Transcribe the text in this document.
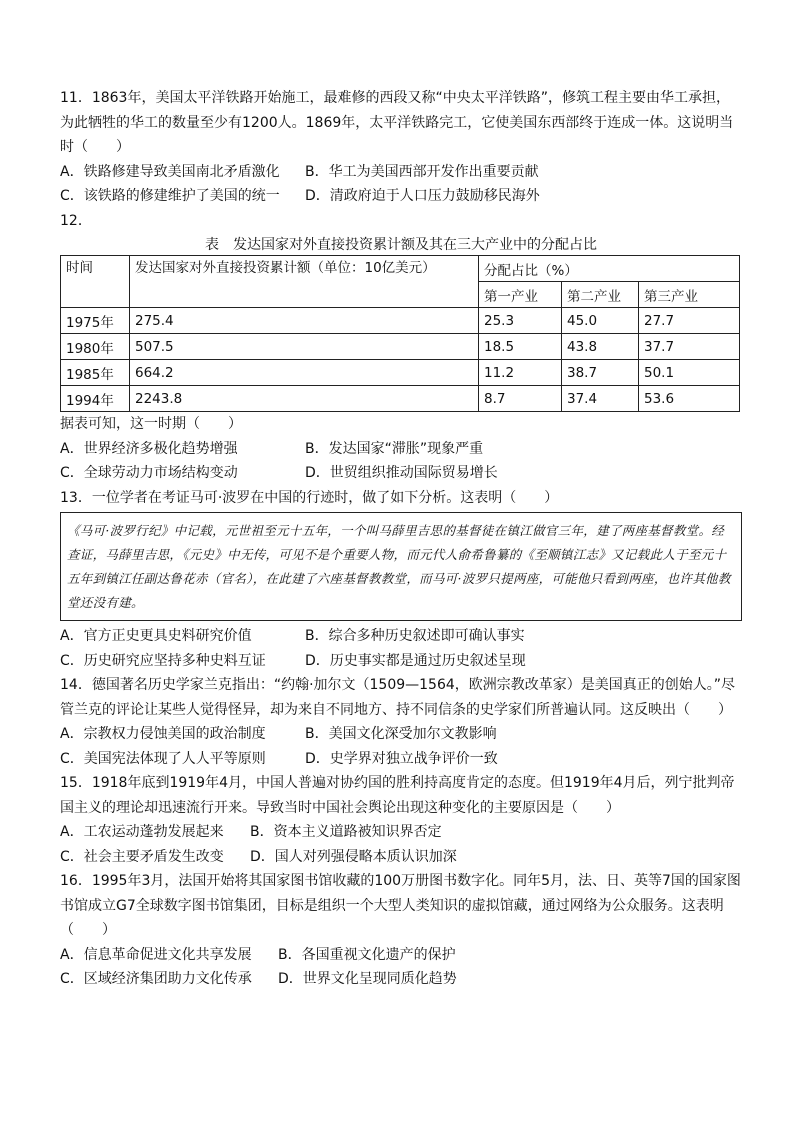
11．1863年，美国太平洋铁路开始施工，最难修的西段又称“中央太平洋铁路”，修筑工程主要由华工承担，为此牺牲的华工的数量至少有1200人。1869年，太平洋铁路完工，它使美国东西部终于连成一体。这说明当时（　　）

A．铁路修建导致美国南北矛盾激化	B．华工为美国西部开发作出重要贡献
C．该铁路的修建维护了美国的统一	D．清政府迫于人口压力鼓励移民海外

12．

表　发达国家对外直接投资累计额及其在三大产业中的分配占比
时间	发达国家对外直接投资累计额（单位：10亿美元）	分配占比（%）		
		第一产业	第二产业	第三产业
1975年	275.4	25.3	45.0	27.7
1980年	507.5	18.5	43.8	37.7
1985年	664.2	11.2	38.7	50.1
1994年	2243.8	8.7	37.4	53.6

据表可知，这一时期（　　）

A．世界经济多极化趋势增强	B．发达国家“滞胀”现象严重
C．全球劳动力市场结构变动	D．世贸组织推动国际贸易增长

13．一位学者在考证马可·波罗在中国的行迹时，做了如下分析。这表明（　　）

《马可·波罗行纪》中记载，元世祖至元十五年，一个叫马薛里吉思的基督徒在镇江做官三年，建了两座基督教堂。经查证，马薛里吉思，《元史》中无传，可见不是个重要人物，而元代人俞希鲁纂的《至顺镇江志》又记载此人于至元十五年到镇江任副达鲁花赤（官名），在此建了六座基督教教堂，而马可·波罗只提两座，可能他只看到两座，也许其他教堂还没有建。
A．官方正史更具史料研究价值	B．综合多种历史叙述即可确认事实
C．历史研究应坚持多种史料互证	D．历史事实都是通过历史叙述呈现

14．德国著名历史学家兰克指出：“约翰·加尔文（1509—1564，欧洲宗教改革家）是美国真正的创始人。”尽管兰克的评论让某些人觉得怪异，却为来自不同地方、持不同信条的史学家们所普遍认同。这反映出（　　）

A．宗教权力侵蚀美国的政治制度	B．美国文化深受加尔文教影响
C．美国宪法体现了人人平等原则	D．史学界对独立战争评价一致

15．1918年底到1919年4月，中国人普遍对协约国的胜利持高度肯定的态度。但1919年4月后，列宁批判帝国主义的理论却迅速流行开来。导致当时中国社会舆论出现这种变化的主要原因是（　　）

A．工农运动蓬勃发展起来	B．资本主义道路被知识界否定
C．社会主要矛盾发生改变	D．国人对列强侵略本质认识加深

16．1995年3月，法国开始将其国家图书馆收藏的100万册图书数字化。同年5月，法、日、英等7国的国家图书馆成立G7全球数字图书馆集团，目标是组织一个大型人类知识的虚拟馆藏，通过网络为公众服务。这表明（　　）

A．信息革命促进文化共享发展	B．各国重视文化遗产的保护
C．区域经济集团助力文化传承	D．世界文化呈现同质化趋势
